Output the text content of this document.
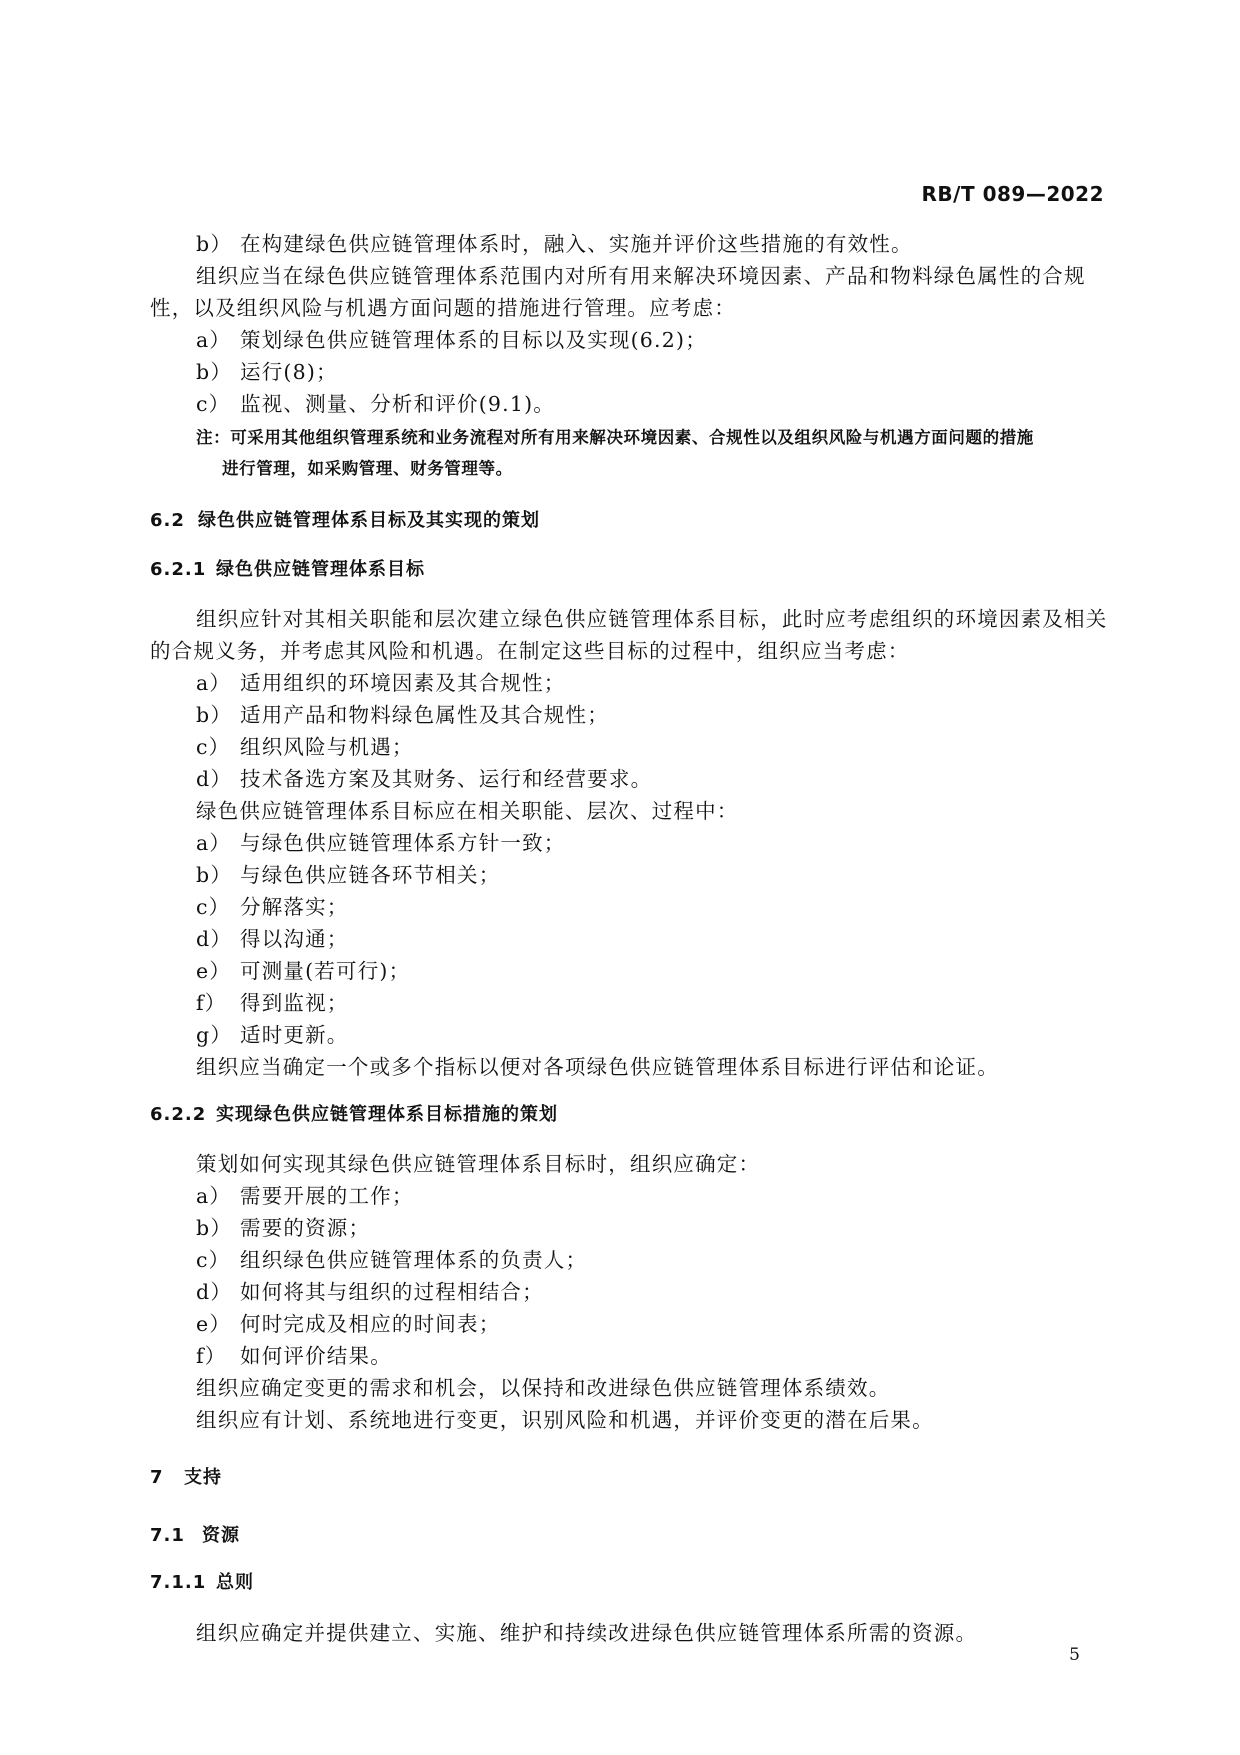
RB/T 089—2022
b） 在构建绿色供应链管理体系时，融入、实施并评价这些措施的有效性。
组织应当在绿色供应链管理体系范围内对所有用来解决环境因素、产品和物料绿色属性的合规
性，以及组织风险与机遇方面问题的措施进行管理。应考虑：
a） 策划绿色供应链管理体系的目标以及实现(6.2)；
b） 运行(8)；
c） 监视、测量、分析和评价(9.1)。
注：可采用其他组织管理系统和业务流程对所有用来解决环境因素、合规性以及组织风险与机遇方面问题的措施
进行管理，如采购管理、财务管理等。
6.2 绿色供应链管理体系目标及其实现的策划
6.2.1 绿色供应链管理体系目标
组织应针对其相关职能和层次建立绿色供应链管理体系目标，此时应考虑组织的环境因素及相关
的合规义务，并考虑其风险和机遇。在制定这些目标的过程中，组织应当考虑：
a） 适用组织的环境因素及其合规性；
b） 适用产品和物料绿色属性及其合规性；
c） 组织风险与机遇；
d） 技术备选方案及其财务、运行和经营要求。
绿色供应链管理体系目标应在相关职能、层次、过程中：
a） 与绿色供应链管理体系方针一致；
b） 与绿色供应链各环节相关；
c） 分解落实；
d） 得以沟通；
e） 可测量(若可行)；
f） 得到监视；
g） 适时更新。
组织应当确定一个或多个指标以便对各项绿色供应链管理体系目标进行评估和论证。
6.2.2 实现绿色供应链管理体系目标措施的策划
策划如何实现其绿色供应链管理体系目标时，组织应确定：
a） 需要开展的工作；
b） 需要的资源；
c） 组织绿色供应链管理体系的负责人；
d） 如何将其与组织的过程相结合；
e） 何时完成及相应的时间表；
f） 如何评价结果。
组织应确定变更的需求和机会，以保持和改进绿色供应链管理体系绩效。
组织应有计划、系统地进行变更，识别风险和机遇，并评价变更的潜在后果。
7 支持
7.1 资源
7.1.1 总则
组织应确定并提供建立、实施、维护和持续改进绿色供应链管理体系所需的资源。
5
